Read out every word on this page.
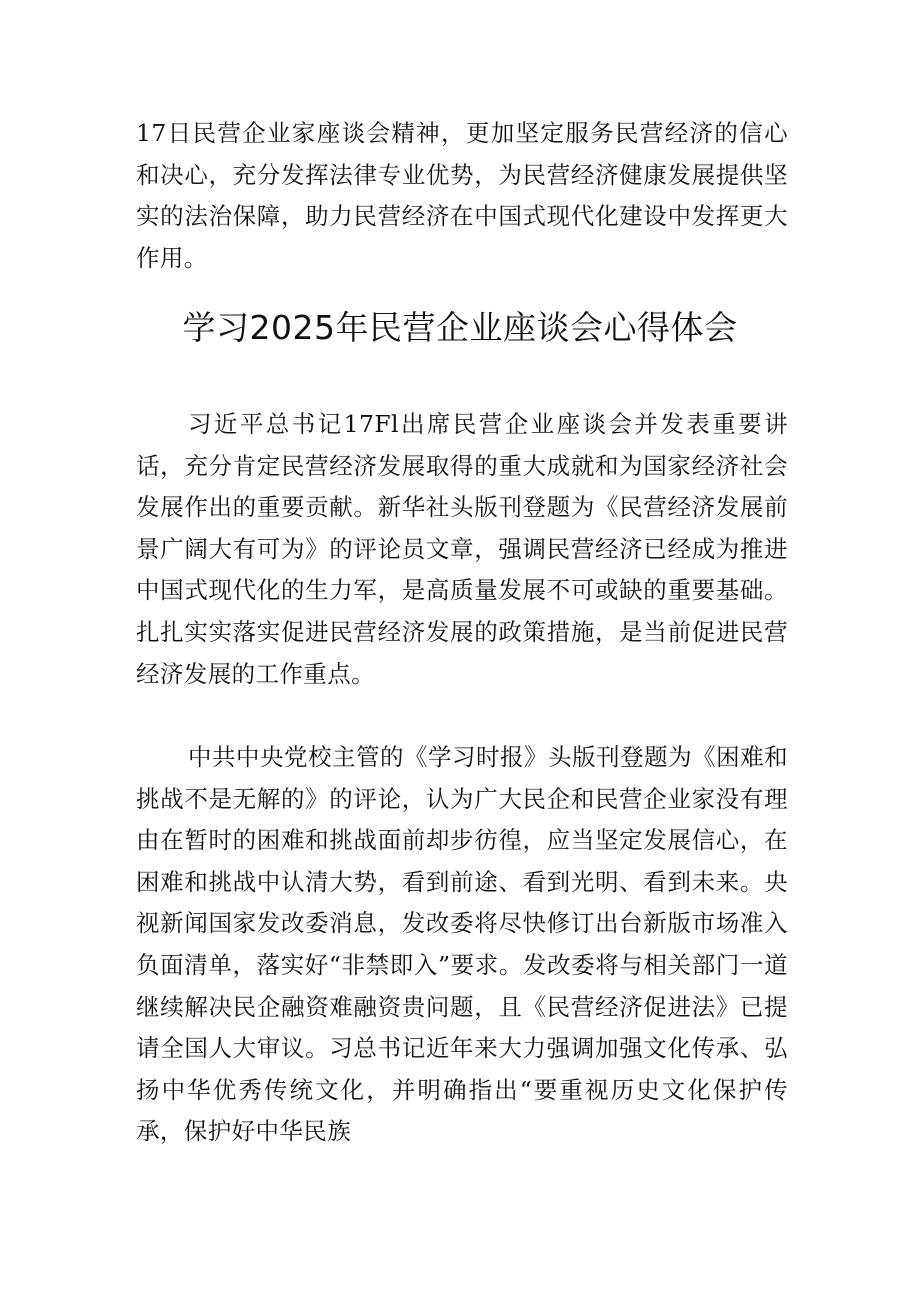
17日民营企业家座谈会精神，更加坚定服务民营经济的信心和决心，充分发挥法律专业优势，为民营经济健康发展提供坚实的法治保障，助力民营经济在中国式现代化建设中发挥更大作用。

学习2025年民营企业座谈会心得体会

习近平总书记17Fl出席民营企业座谈会并发表重要讲话，充分肯定民营经济发展取得的重大成就和为国家经济社会发展作出的重要贡献。新华社头版刊登题为《民营经济发展前景广阔大有可为》的评论员文章，强调民营经济已经成为推进中国式现代化的生力军，是高质量发展不可或缺的重要基础。扎扎实实落实促进民营经济发展的政策措施，是当前促进民营经济发展的工作重点。

中共中央党校主管的《学习时报》头版刊登题为《困难和挑战不是无解的》的评论，认为广大民企和民营企业家没有理由在暂时的困难和挑战面前却步彷徨，应当坚定发展信心，在困难和挑战中认清大势，看到前途、看到光明、看到未来。央视新闻国家发改委消息，发改委将尽快修订出台新版市场准入负面清单，落实好“非禁即入”要求。发改委将与相关部门一道继续解决民企融资难融资贵问题，且《民营经济促进法》已提请全国人大审议。习总书记近年来大力强调加强文化传承、弘扬中华优秀传统文化，并明确指出“要重视历史文化保护传承，保护好中华民族
